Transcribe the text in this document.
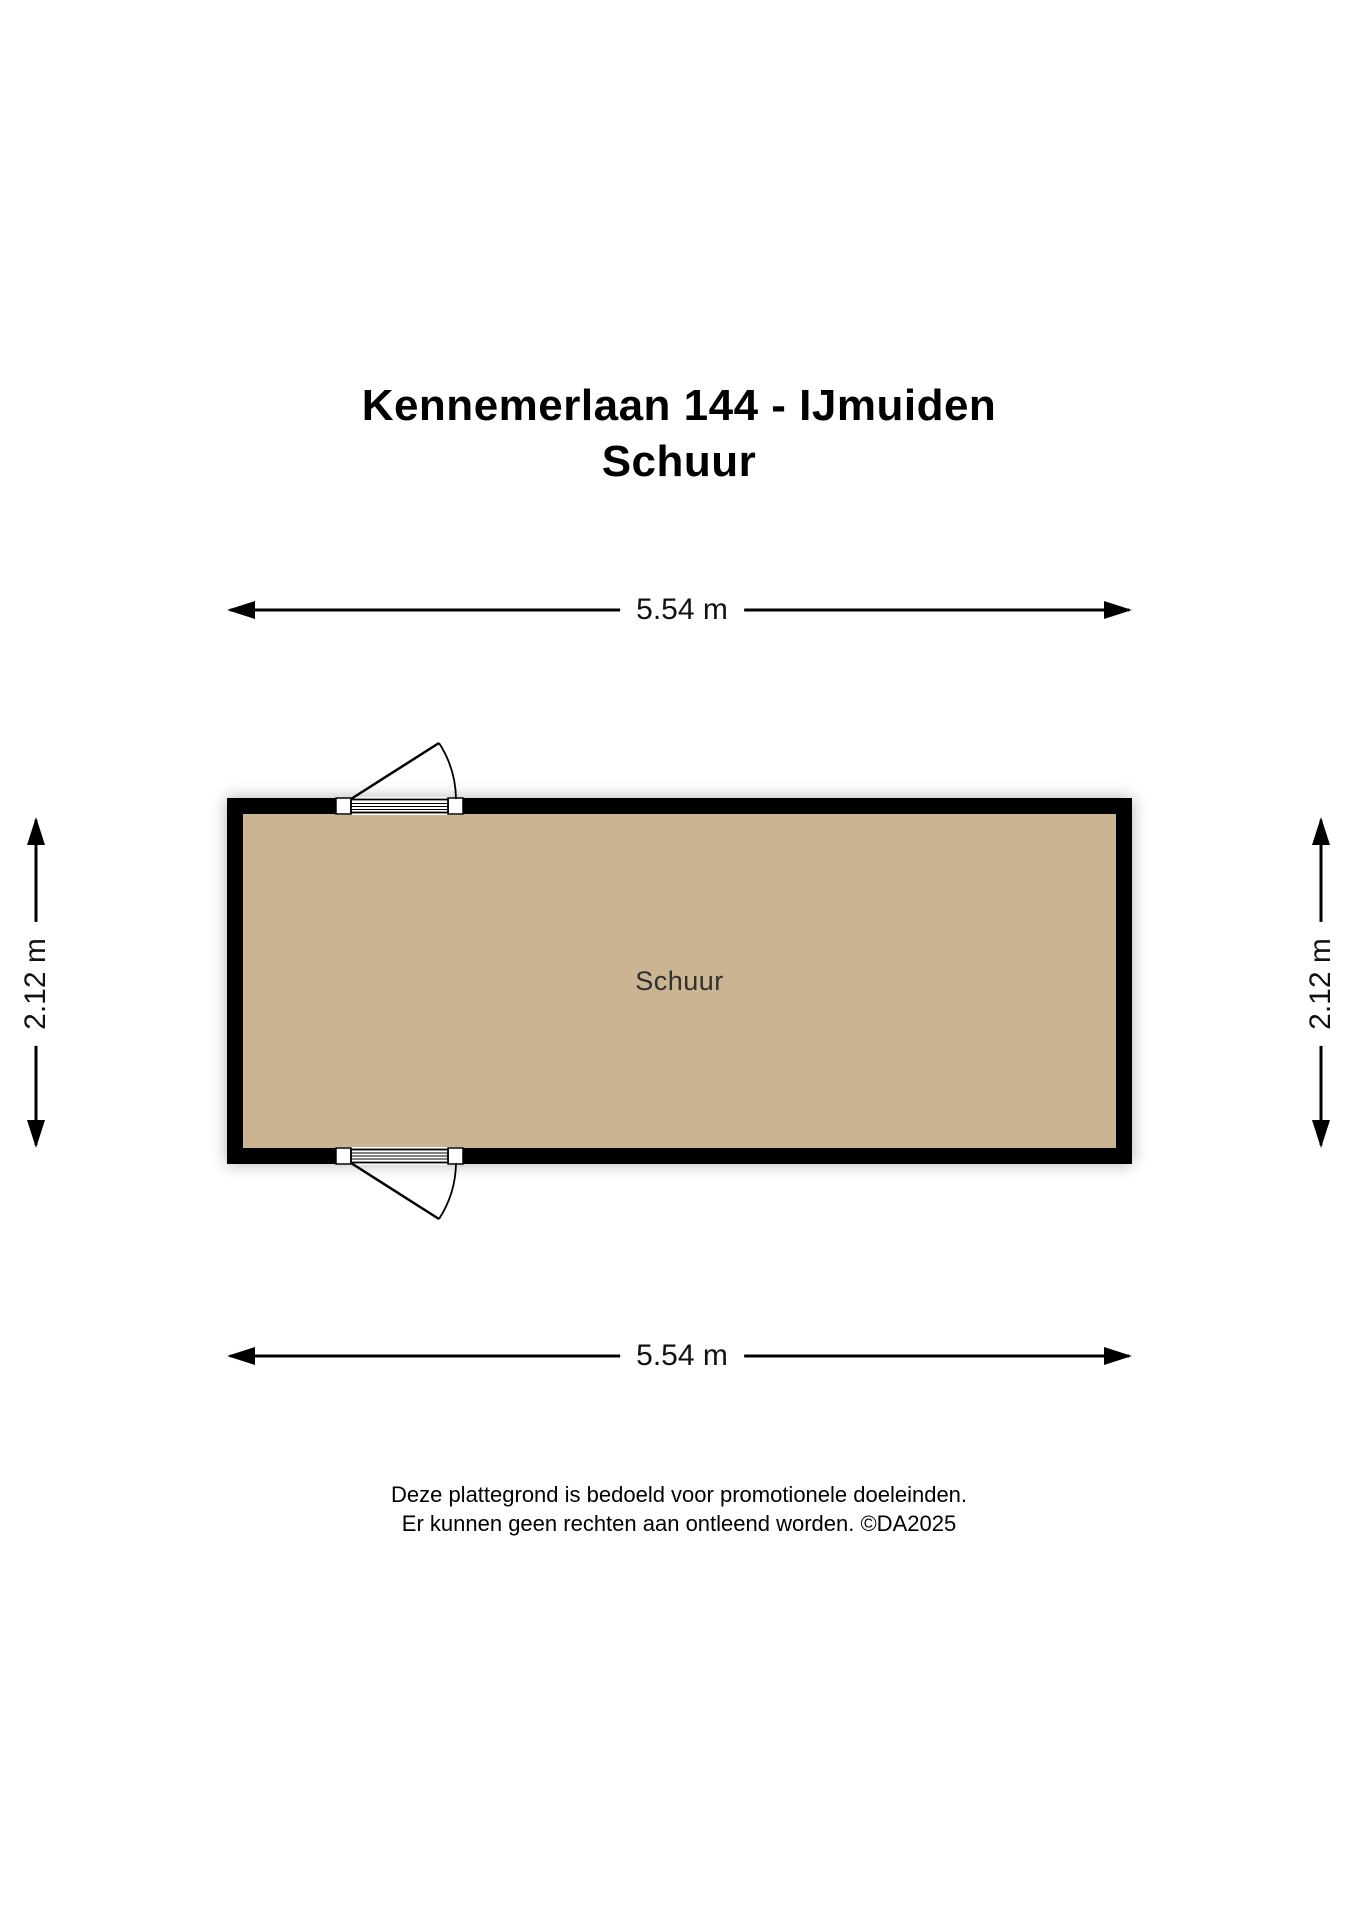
Kennemerlaan 144 - IJmuiden
Schuur
Schuur
5.54 m
5.54 m
2.12 m	2.12 m
Deze plattegrond is bedoeld voor promotionele doeleinden.
Er kunnen geen rechten aan ontleend worden. ©DA2025
